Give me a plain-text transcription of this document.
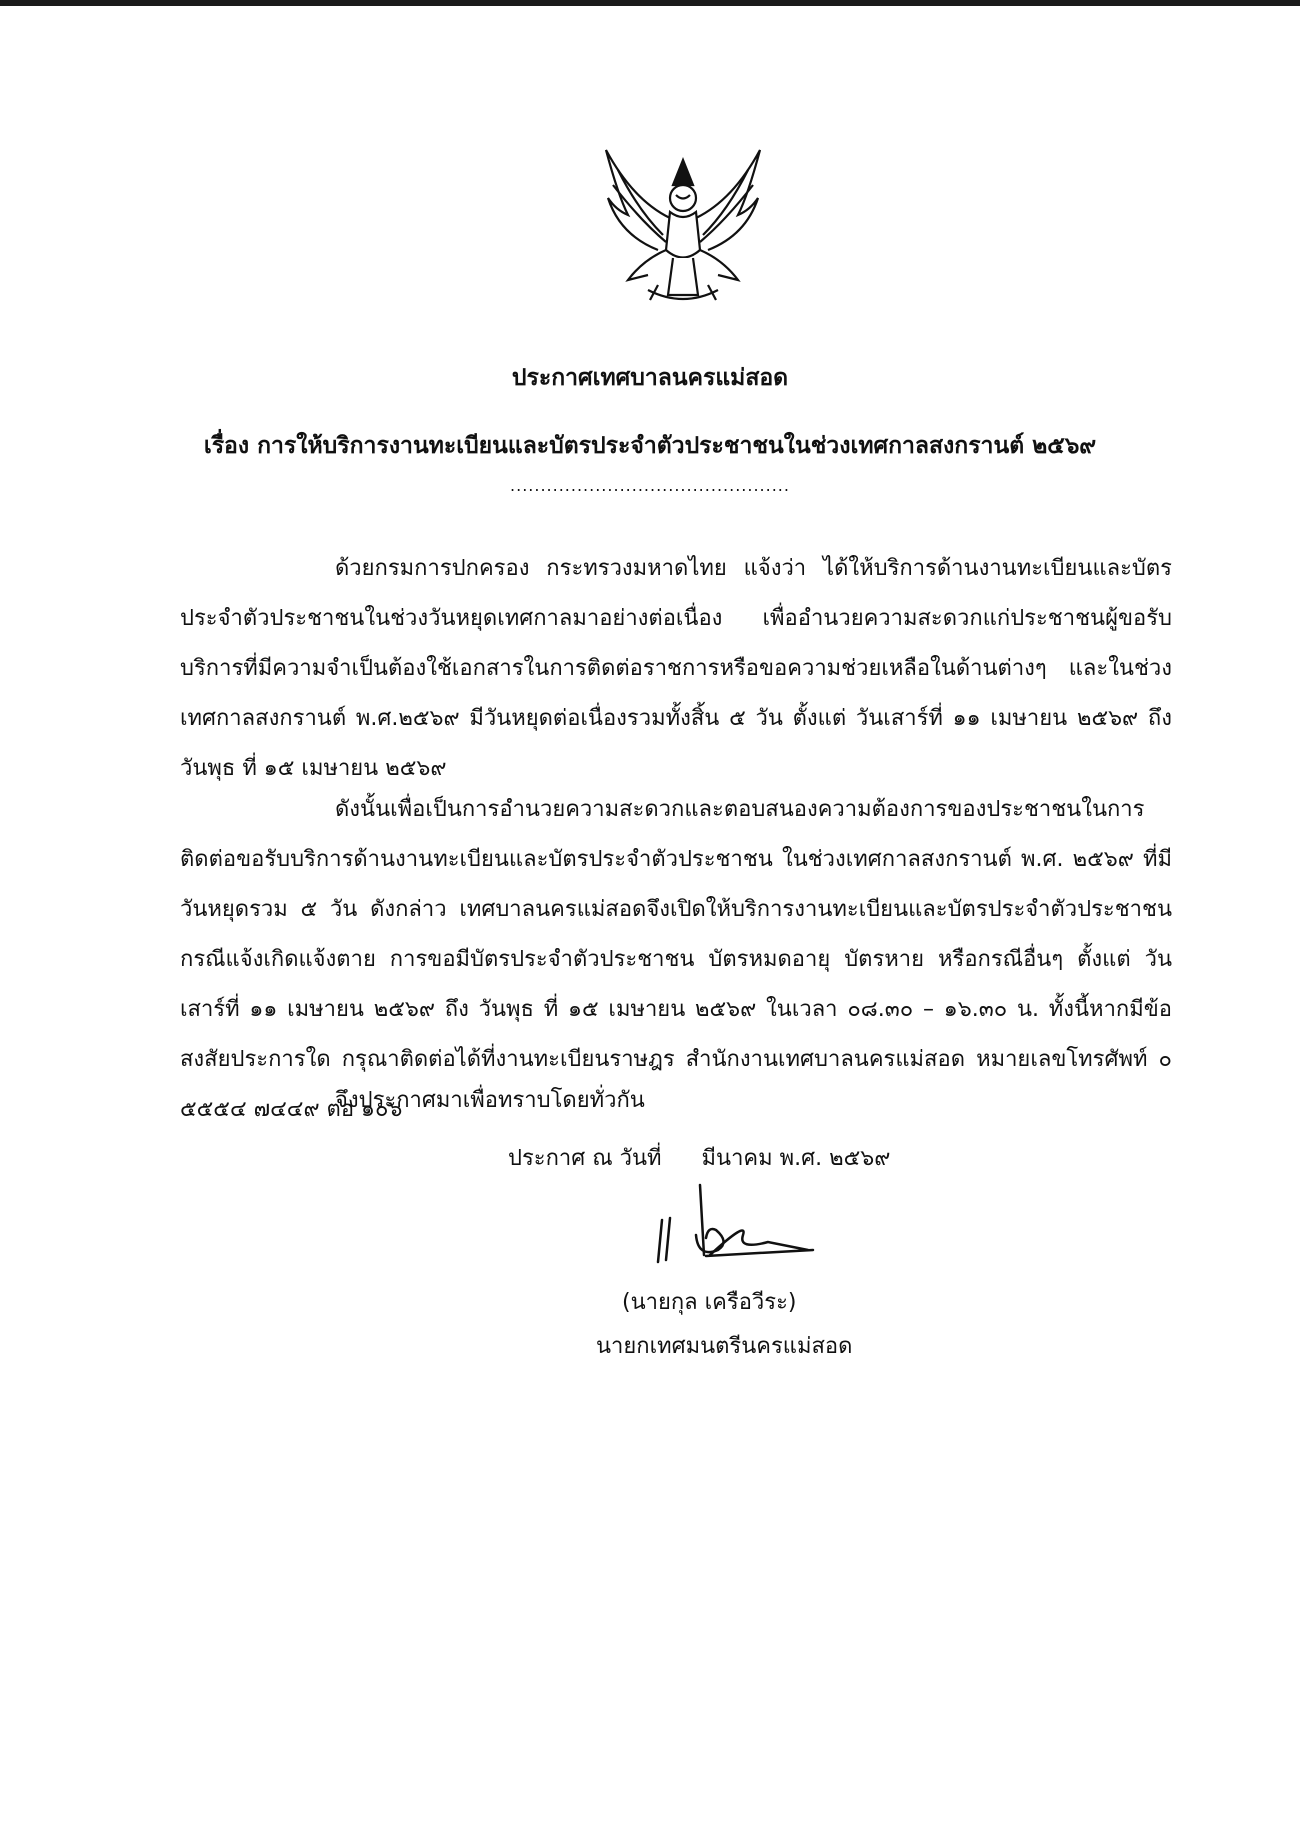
ประกาศเทศบาลนครแม่สอด
เรื่อง การให้บริการงานทะเบียนและบัตรประจำตัวประชาชนในช่วงเทศกาลสงกรานต์ ๒๕๖๙
..............................................

ด้วยกรมการปกครอง กระทรวงมหาดไทย แจ้งว่า ได้ให้บริการด้านงานทะเบียนและบัตรประจำตัวประชาชนในช่วงวันหยุดเทศกาลมาอย่างต่อเนื่อง เพื่ออำนวยความสะดวกแก่ประชาชนผู้ขอรับบริการที่มีความจำเป็นต้องใช้เอกสารในการติดต่อราชการหรือขอความช่วยเหลือในด้านต่างๆ และในช่วงเทศกาลสงกรานต์ พ.ศ.๒๕๖๙ มีวันหยุดต่อเนื่องรวมทั้งสิ้น ๕ วัน ตั้งแต่ วันเสาร์ที่ ๑๑ เมษายน ๒๕๖๙ ถึง วันพุธ ที่ ๑๕ เมษายน ๒๕๖๙

ดังนั้นเพื่อเป็นการอำนวยความสะดวกและตอบสนองความต้องการของประชาชนในการติดต่อขอรับบริการด้านงานทะเบียนและบัตรประจำตัวประชาชน ในช่วงเทศกาลสงกรานต์ พ.ศ. ๒๕๖๙ ที่มีวันหยุดรวม ๕ วัน ดังกล่าว เทศบาลนครแม่สอดจึงเปิดให้บริการงานทะเบียนและบัตรประจำตัวประชาชน กรณีแจ้งเกิดแจ้งตาย การขอมีบัตรประจำตัวประชาชน บัตรหมดอายุ บัตรหาย หรือกรณีอื่นๆ ตั้งแต่ วันเสาร์ที่ ๑๑ เมษายน ๒๕๖๙ ถึง วันพุธ ที่ ๑๕ เมษายน ๒๕๖๙ ในเวลา ๐๘.๓๐ – ๑๖.๓๐ น. ทั้งนี้หากมีข้อสงสัยประการใด กรุณาติดต่อได้ที่งานทะเบียนราษฎร สำนักงานเทศบาลนครแม่สอด หมายเลขโทรศัพท์ ๐ ๕๕๕๔ ๗๔๔๙ ต่อ ๑๐๖

จึงประกาศมาเพื่อทราบโดยทั่วกัน

ประกาศ ณ วันที่ มีนาคม พ.ศ. ๒๕๖๙
(นายกุล เครือวีระ)
นายกเทศมนตรีนครแม่สอด
